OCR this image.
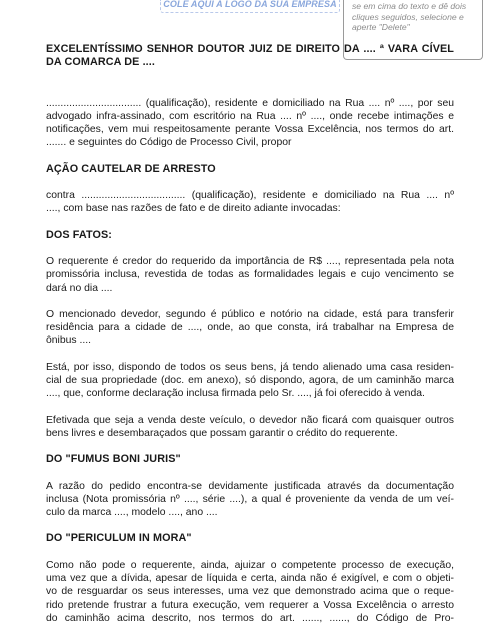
COLE AQUI A LOGO DA SUA EMPRESA	se em cima do texto e dê dois
cliques seguidos, selecione e
aperte "Delete"

EXCELENTÍSSIMO SENHOR DOUTOR JUIZ DE DIREITO DA .... ª VARA CÍVEL
DA COMARCA DE ....

................................. (qualificação), residente e domiciliado na Rua .... nº ...., por seu
advogado infra-assinado, com escritório na Rua .... nº ...., onde recebe intimações e
notificações, vem mui respeitosamente perante Vossa Excelência, nos termos do art.
....... e seguintes do Código de Processo Civil, propor

AÇÃO CAUTELAR DE ARRESTO

contra .................................... (qualificação), residente e domiciliado na Rua .... nº
...., com base nas razões de fato e de direito adiante invocadas:

DOS FATOS:

O requerente é credor do requerido da importância de R$ ...., representada pela nota
promissória inclusa, revestida de todas as formalidades legais e cujo vencimento se
dará no dia ....

O mencionado devedor, segundo é público e notório na cidade, está para transferir
residência para a cidade de ...., onde, ao que consta, irá trabalhar na Empresa de
ônibus ....

Está, por isso, dispondo de todos os seus bens, já tendo alienado uma casa residen-
cial de sua propriedade (doc. em anexo), só dispondo, agora, de um caminhão marca
...., que, conforme declaração inclusa firmada pelo Sr. ...., já foi oferecido à venda.

Efetivada que seja a venda deste veículo, o devedor não ficará com quaisquer outros
bens livres e desembaraçados que possam garantir o crédito do requerente.

DO "FUMUS BONI JURIS"

A razão do pedido encontra-se devidamente justificada através da documentação
inclusa (Nota promissória nº ...., série ....), a qual é proveniente da venda de um veí-
culo da marca ...., modelo ...., ano ....

DO "PERICULUM IN MORA"

Como não pode o requerente, ainda, ajuizar o competente processo de execução,
uma vez que a dívida, apesar de líquida e certa, ainda não é exigível, e com o objeti-
vo de resguardar os seus interesses, uma vez que demonstrado acima que o reque-
rido pretende frustrar a futura execução, vem requerer a Vossa Excelência o arresto
do caminhão acima descrito, nos termos do art. ......, ......, do Código de Pro-
